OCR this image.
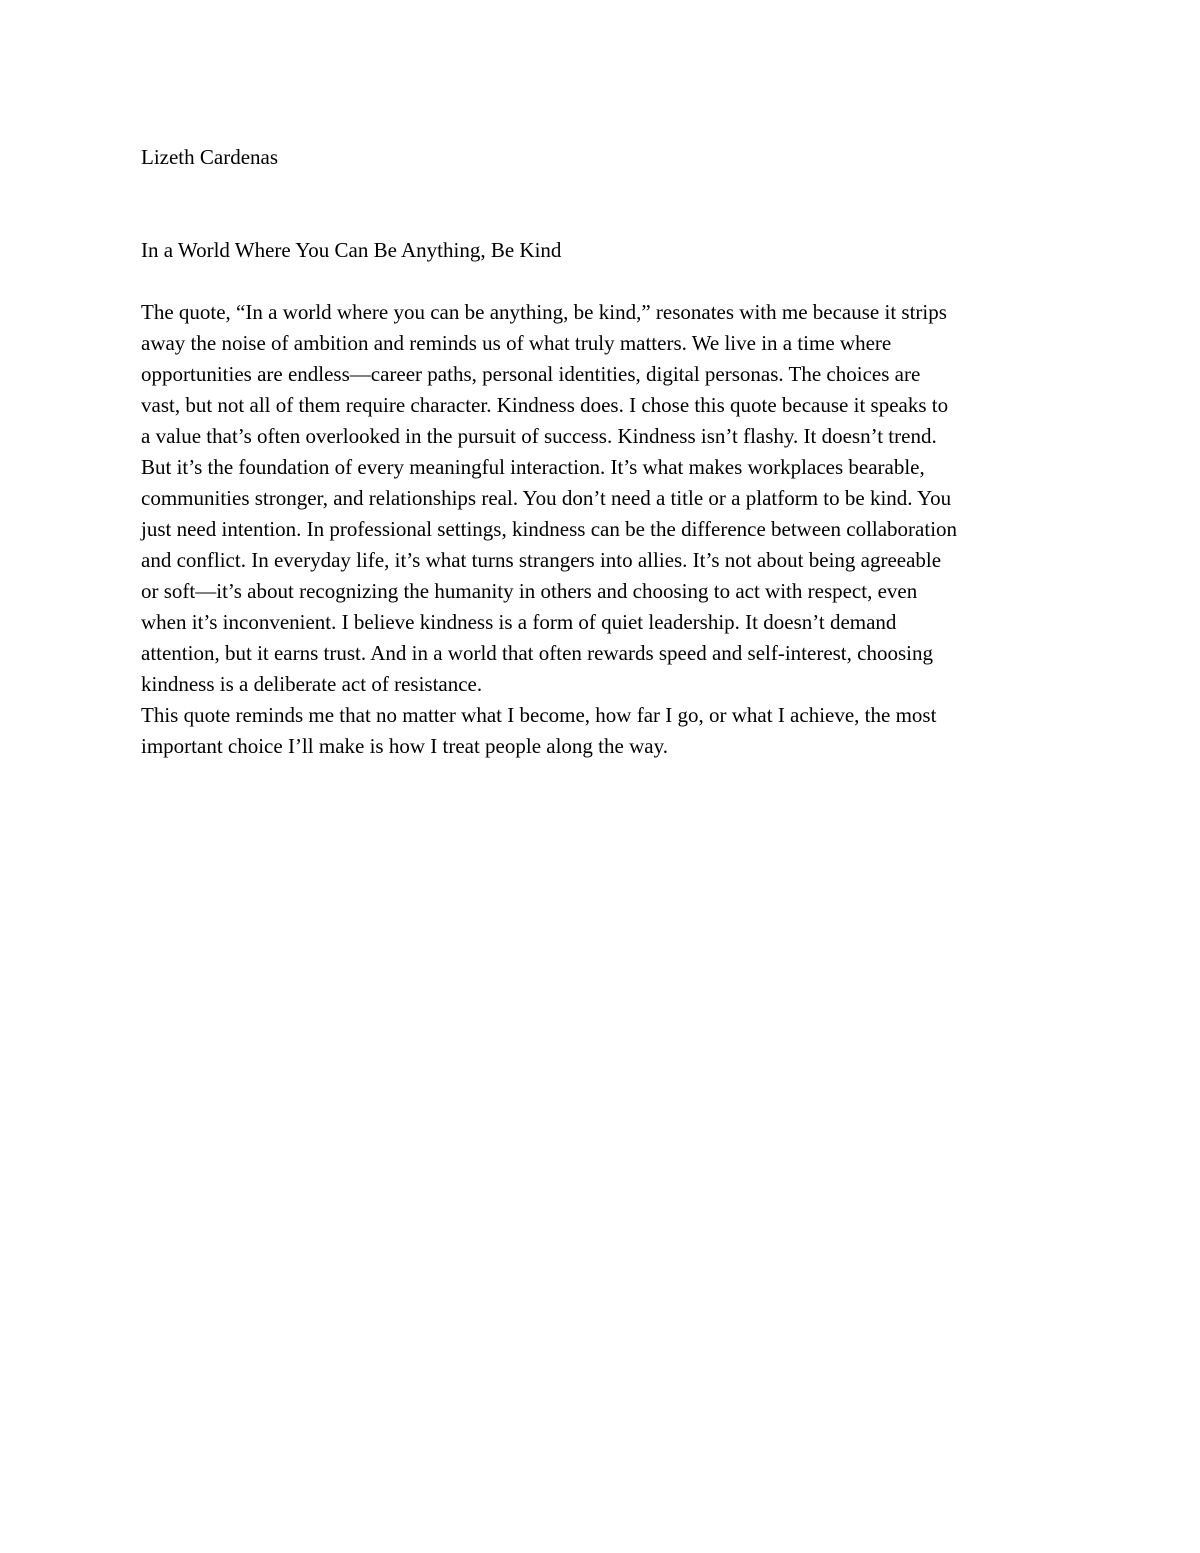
Lizeth Cardenas

In a World Where You Can Be Anything, Be Kind

The quote, “In a world where you can be anything, be kind,” resonates with me because it strips
away the noise of ambition and reminds us of what truly matters. We live in a time where
opportunities are endless—career paths, personal identities, digital personas. The choices are
vast, but not all of them require character. Kindness does. I chose this quote because it speaks to
a value that’s often overlooked in the pursuit of success. Kindness isn’t flashy. It doesn’t trend.
But it’s the foundation of every meaningful interaction. It’s what makes workplaces bearable,
communities stronger, and relationships real. You don’t need a title or a platform to be kind. You
just need intention. In professional settings, kindness can be the difference between collaboration
and conflict. In everyday life, it’s what turns strangers into allies. It’s not about being agreeable
or soft—it’s about recognizing the humanity in others and choosing to act with respect, even
when it’s inconvenient. I believe kindness is a form of quiet leadership. It doesn’t demand
attention, but it earns trust. And in a world that often rewards speed and self-interest, choosing
kindness is a deliberate act of resistance.

This quote reminds me that no matter what I become, how far I go, or what I achieve, the most
important choice I’ll make is how I treat people along the way.
